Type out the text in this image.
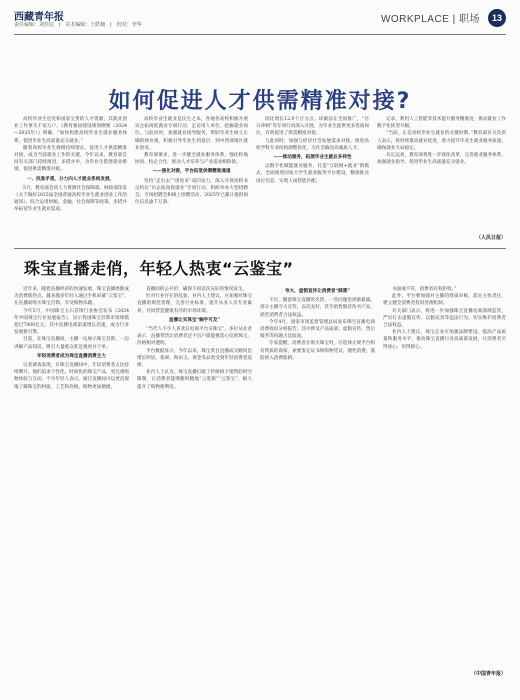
西藏青年报
责任编辑：刘佳辰　|　美术编辑：王皓楠　|　校对：李华	WORKPLACE | 职场	13
如何促进人才供需精准对接?

高校毕业生是党和国家宝贵的人才资源，其就业创业工作事关千家万户。《教育强国建设规划纲要（2024—2035年）》明确，“加快构建高校毕业生就业服务体系，促进毕业生高质量充分就业。”

随着高校毕业生规模持续增长，促进人才供需精准对接，成为当前就业工作的关键。今年以来，教育部会同有关部门持续推进，多措并举，为毕业生搭建就业桥梁，促进供需精准对接。

一、找准矛盾，分力向人才就业系统发展，

5月，教育部会同人力资源社会保障部、财政部印发《关于做好2025届全国普通高校毕业生就业创业工作的通知》，综合运用财税、金融、社会保障等政策，多措并举拓宽毕业生就业渠道。

高校毕业生就业是民生之本，各地各高校积极开展访企拓岗促就业专项行动，走访用人单位，挖掘就业岗位。与此同时，加强就业指导服务，帮助毕业生树立正确的择业观，积极引导毕业生到基层、到中西部地区就业创业。

教育部要求，进一步健全就业服务体系，强化校地协同、校企合作，推动人才培养与产业需求相衔接。

——强化对接，平台拓宽供需精准通道

坚持“走出去”“请进来”双向发力，深入开展高校书记校长“访企拓岗促就业”专项行动，组织举办大型招聘会、专场招聘会和线上招聘活动，2025年已累计提供岗位信息逾千万条。

同比增长12.9个百分点。该做法在全国推广，“百日冲刺”等专项行动深入开展，为毕业生提供更多优质岗位，有效促进了供需精准对接。

与此同时，加强与经济社会发展需求对接，推进高校学科专业结构调整优化，为社会输送高素质人才。

——推动服务，拓展毕业生就业多样性

以数字化赋能就业服务，打造“互联网+就业”新模式，全面推进国家大学生就业服务平台建设，精准推送岗位信息，实现人岗智能匹配。

记录，利用人工智能等技术提升服务精准度，推动就业工作数字化转型升级。

“当前，正是高校毕业生就业的关键时期，”教育部有关负责人表示，将持续推动就业促进，着力提升毕业生就业服务质量，确保就业大局稳定。

从长远看，教育部将进一步深化改革，完善就业服务体系，加强就业指导，促进毕业生高质量充分就业。

（人民日报）
珠宝直播走俏，年轻人热衷“云鉴宝”

近年来，随着直播经济的快速发展，珠宝直播逐渐成为消费新热点。越来越多年轻人通过手机屏幕“云鉴宝”，在直播间购买珠宝首饰，享受购物乐趣。

今年5月，中国珠宝玉石首饰行业协会发布《2024年中国珠宝行业发展报告》，显示我国珠宝首饰市场规模超过7000亿元，其中直播电商渠道增长迅速，成为行业发展新引擎。

目前，在珠宝直播间，主播一边展示珠宝首饰，一边讲解产品知识，吸引大量观众驻足观看并下单。

年轻消费者成为珠宝直播消费主力

记者调查发现，在珠宝直播间中，年轻消费者占比持续攀升。他们追求个性化、时尚化的珠宝产品，更注重购物体验与互动。不少年轻人表示，通过直播间可以更直观地了解珠宝的材质、工艺和价格，购物更加便捷。

直播间的公开价，确保不同以次充好的情况发生。

针对行业存在的乱象，业内人士建议，应加强对珠宝直播的规范管理，完善行业标准，提升从业人员专业素养，共同营造健康有序的市场环境。

直播让买珠宝“触手可及”

“当代人不少人喜欢在电商平台买珠宝”，多位从业者表示，直播带货让消费者足不出户就能挑选心仪的珠宝，价格相对透明。

平台数据显示，今年以来，珠宝类目直播成交额同比增长明显，翡翠、和田玉、黄金等品类受到年轻消费者追捧。

业内人士认为，珠宝直播打破了传统线下销售的时空限制，让消费者能够随时随地“云逛街”“云鉴宝”，极大提升了购物便利度。

夸大、虚假宣传让消费者“踩雷”

不过，随着珠宝直播的火热，一些问题也逐渐暴露。部分主播夸大宣传、以次充好，甚至销售假冒伪劣产品，损害消费者合法权益。

今年4月，国家市场监督管理总局发布珠宝直播电商消费投诉分析报告，其中涉及产品质量、虚假宣传、售后服务等问题占比较高。

专家提醒，消费者在购买珠宝时，应选择正规平台和有资质的商家，索要鉴定证书和购物凭证，理性消费，谨防掉入消费陷阱。

书面或不符，消费者有权拒收。”

此外，平台要加强对主播的资质审核，落实主体责任，建立健全消费者投诉处理机制。

有关部门表示，将进一步加强珠宝直播电商领域监管，严厉打击虚假宣传、以假充真等违法行为，切实维护消费者合法权益。

业内人士建议，珠宝企业应加强品牌建设，提高产品质量和服务水平，推动珠宝直播行业高质量发展，让消费者买得放心、用得舒心。

（中国青年报）
